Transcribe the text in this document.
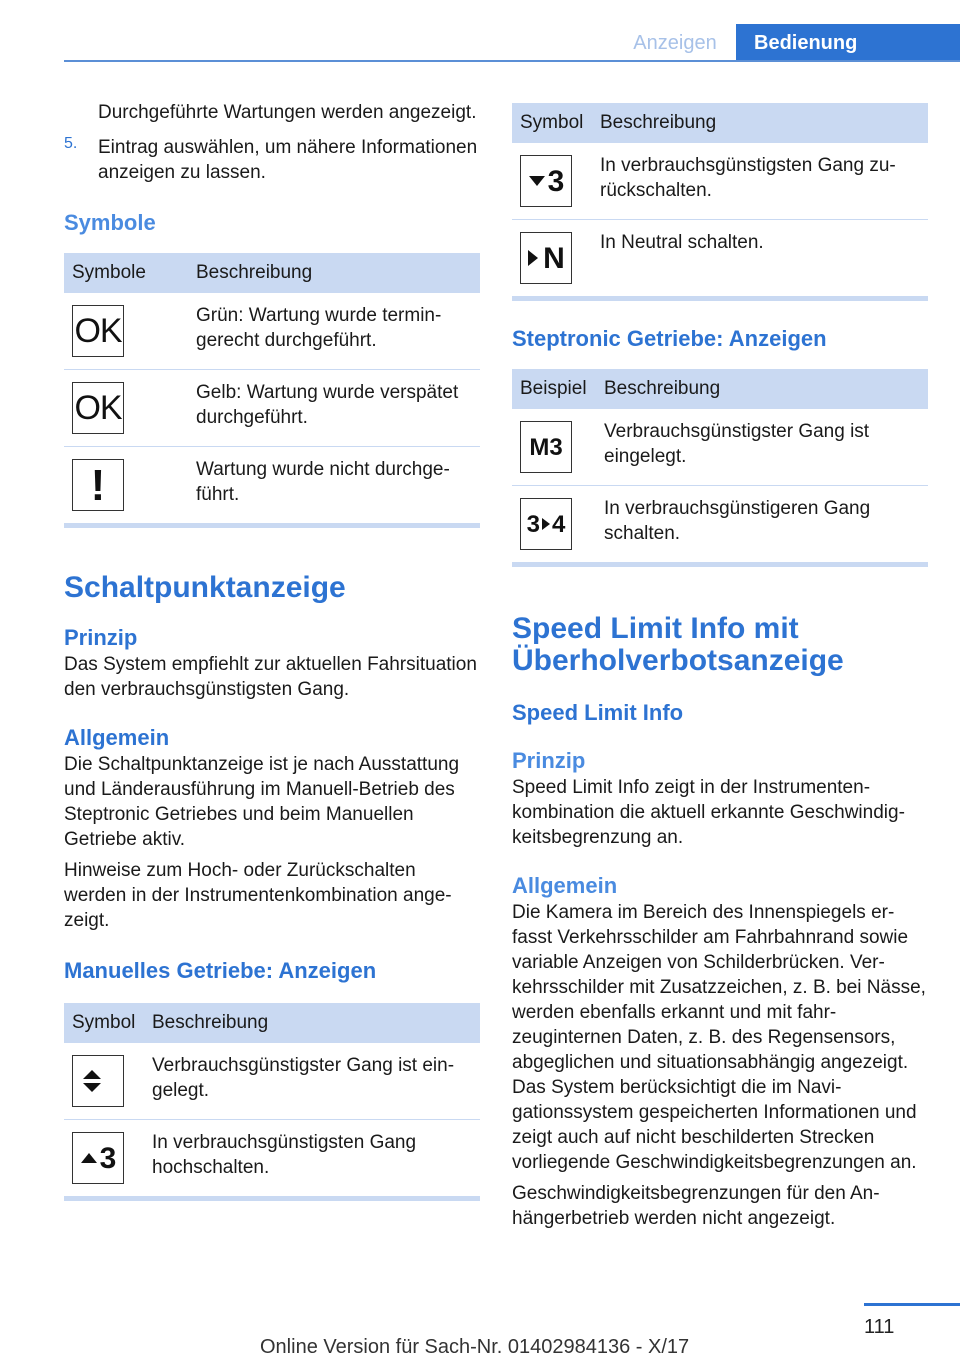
Anzeigen	Bedienung

Durchgeführte Wartungen werden angezeigt.

5. Eintrag auswählen, um nähere Informationen anzeigen zu lassen.

Symbole
Symbole	Beschreibung

OK	Grün: Wartung wurde termingerecht durchgeführt.

OK	Gelb: Wartung wurde verspätet durchgeführt.

!	Wartung wurde nicht durchgeführt.
Schaltpunktanzeige
Prinzip

Das System empfiehlt zur aktuellen Fahrsituation den verbrauchsgünstigsten Gang.

Allgemein

Die Schaltpunktanzeige ist je nach Ausstattung und Länderausführung im Manuell-Betrieb des Steptronic Getriebes und beim Manuellen Getriebe aktiv.

Hinweise zum Hoch- oder Zurückschalten werden in der Instrumentenkombination angezeigt.

Manuelles Getriebe: Anzeigen
Symbol	Beschreibung

	Verbrauchsgünstigster Gang ist eingelegt.

3	In verbrauchsgünstigsten Gang hochschalten.
Symbol	Beschreibung

3	In verbrauchsgünstigsten Gang zurückschalten.

N	In Neutral schalten.
Steptronic Getriebe: Anzeigen
Beispiel	Beschreibung

M3	Verbrauchsgünstigster Gang ist eingelegt.

3 4	In verbrauchsgünstigeren Gang schalten.
Speed Limit Info mit Überholverbotsanzeige
Speed Limit Info
Prinzip

Speed Limit Info zeigt in der Instrumentenkombination die aktuell erkannte Geschwindigkeitsbegrenzung an.

Allgemein

Die Kamera im Bereich des Innenspiegels erfasst Verkehrsschilder am Fahrbahnrand sowie variable Anzeigen von Schilderbrücken. Verkehrsschilder mit Zusatzzeichen, z. B. bei Nässe, werden ebenfalls erkannt und mit fahrzeuginternen Daten, z. B. des Regensensors, abgeglichen und situationsabhängig angezeigt. Das System berücksichtigt die im Navigationssystem gespeicherten Informationen und zeigt auch auf nicht beschilderten Strecken vorliegende Geschwindigkeitsbegrenzungen an.

Geschwindigkeitsbegrenzungen für den Anhängerbetrieb werden nicht angezeigt.

111
Online Version für Sach-Nr. 01402984136 - X/17
